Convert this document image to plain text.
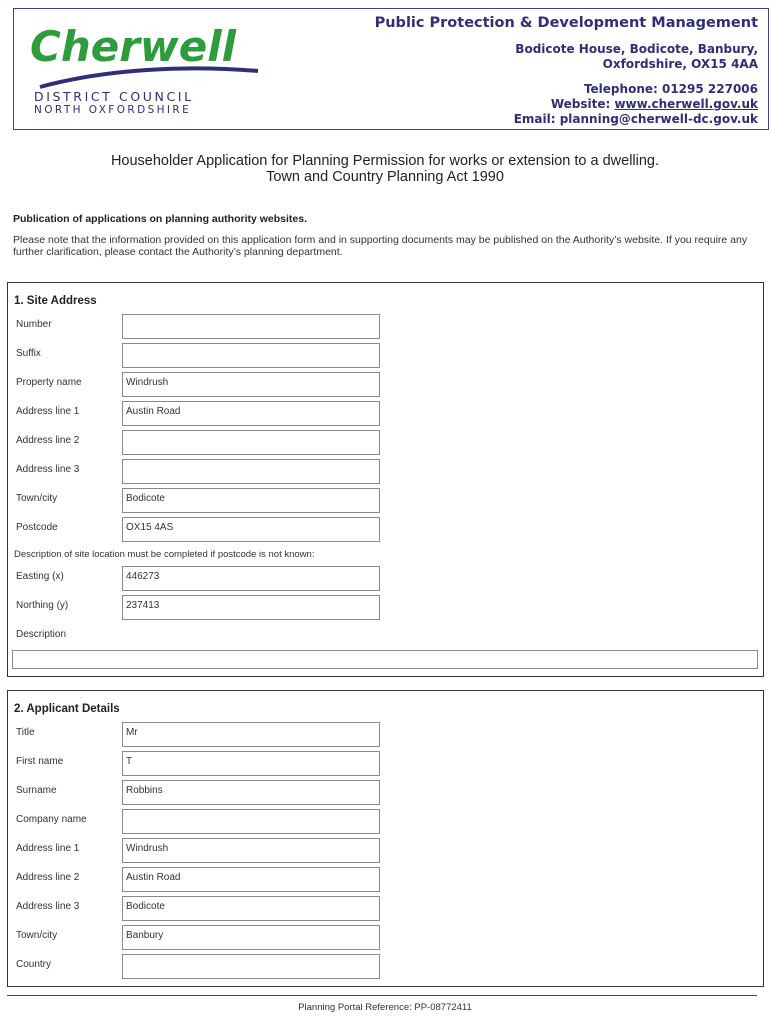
Cherwell
DISTRICT COUNCIL
NORTH OXFORDSHIRE
Public Protection & Development Management
Bodicote House, Bodicote, Banbury,
Oxfordshire, OX15 4AA
Telephone: 01295 227006
Website: www.cherwell.gov.uk
Email: planning@cherwell-dc.gov.uk
Householder Application for Planning Permission for works or extension to a dwelling.
Town and Country Planning Act 1990
Publication of applications on planning authority websites.
Please note that the information provided on this application form and in supporting documents may be published on the Authority’s website. If you require any further clarification, please contact the Authority’s planning department.
1. Site Address
Number
Suffix
Property name	Windrush
Address line 1	Austin Road
Address line 2
Address line 3
Town/city	Bodicote
Postcode	OX15 4AS
Description of site location must be completed if postcode is not known:
Easting (x)	446273
Northing (y)	237413
Description
2. Applicant Details
Title	Mr
First name	T
Surname	Robbins
Company name
Address line 1	Windrush
Address line 2	Austin Road
Address line 3	Bodicote
Town/city	Banbury
Country
Planning Portal Reference: PP-08772411
